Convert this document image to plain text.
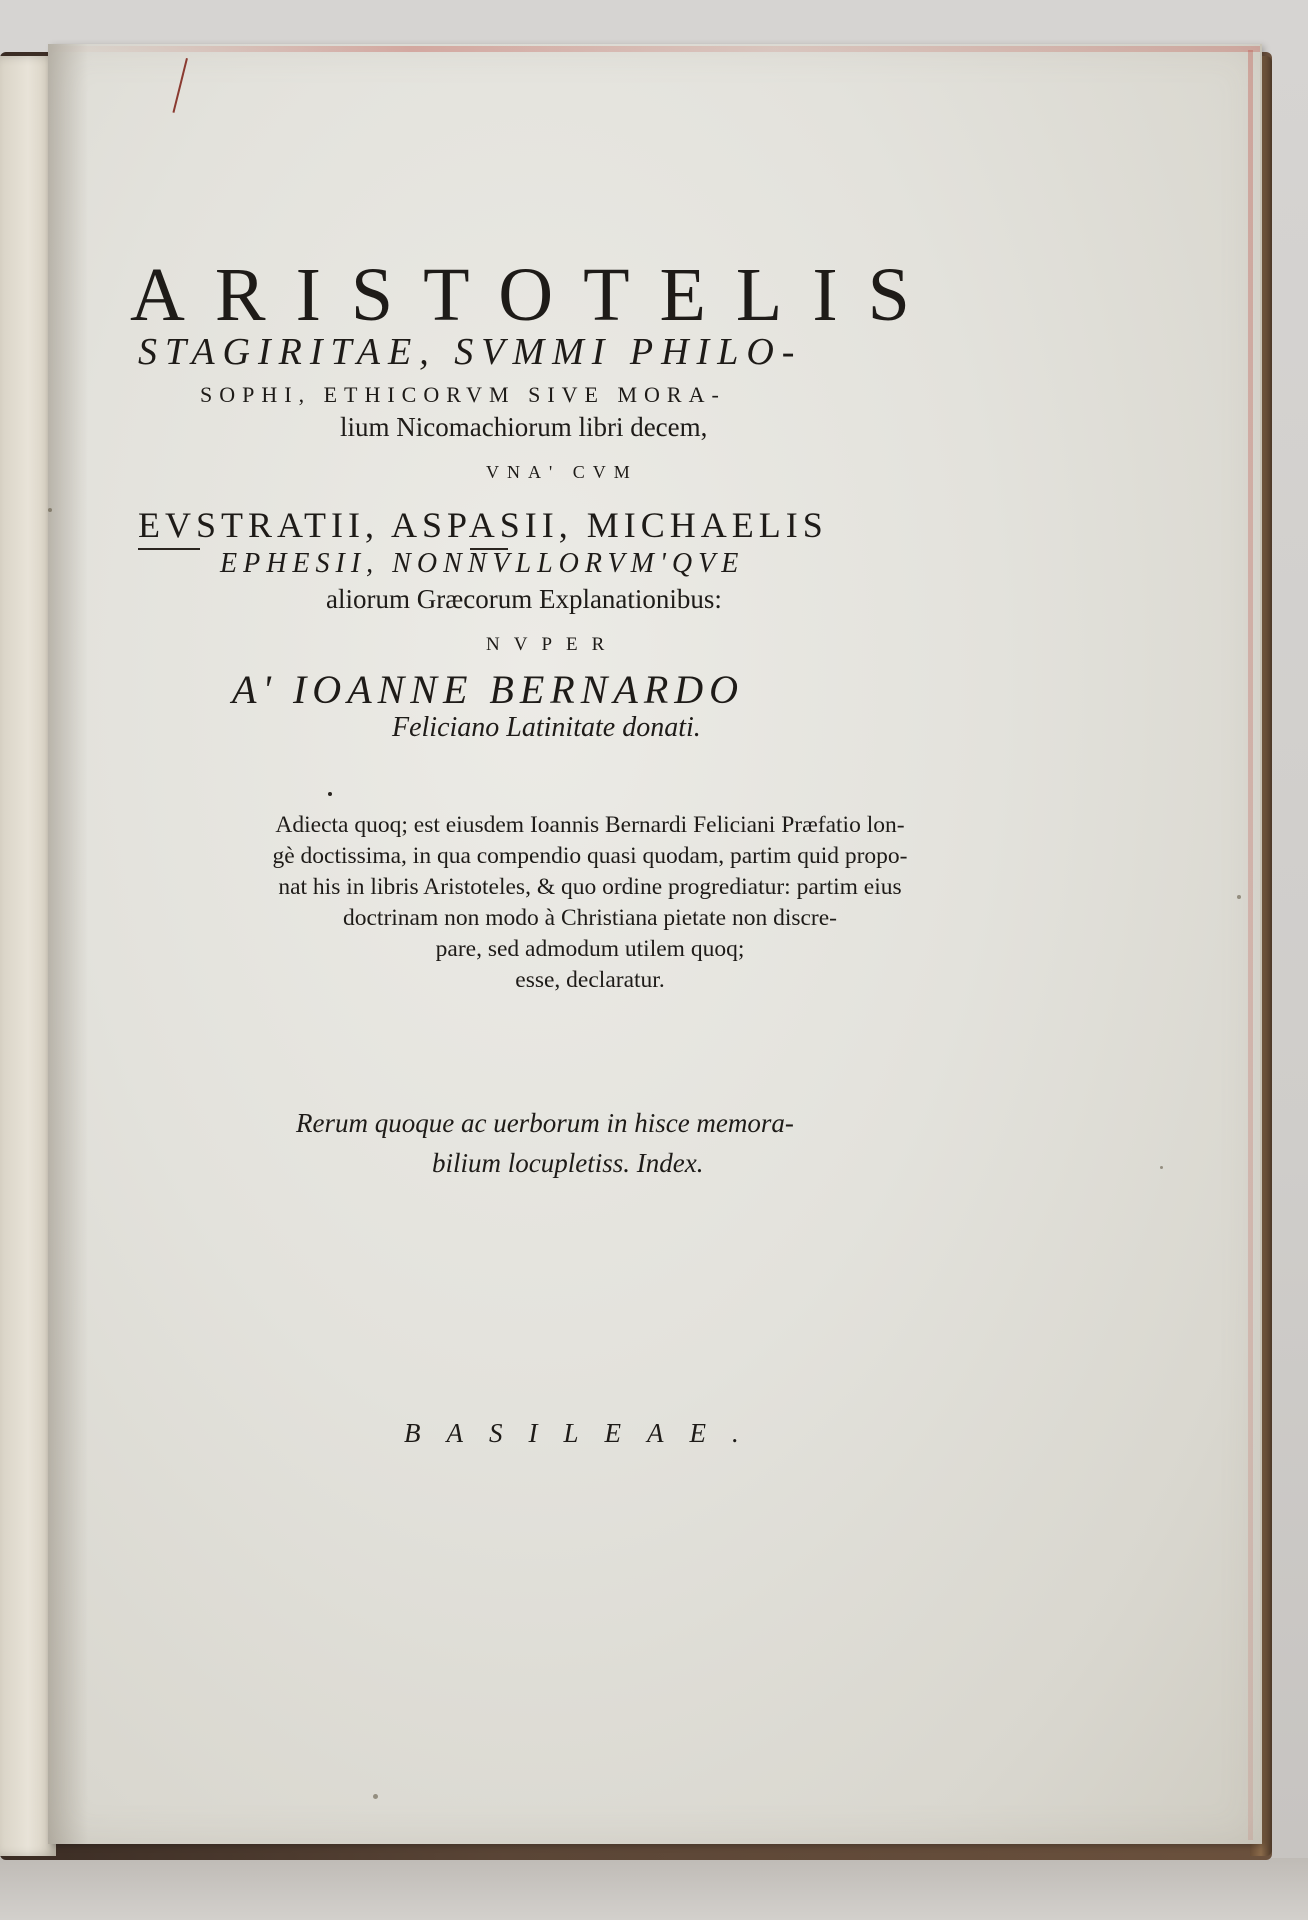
ARISTOTELIS
STAGIRITAE, SVMMI PHILO-
SOPHI, ETHICORVM SIVE MORA-
lium Nicomachiorum libri decem,
VNA' CVM
EVSTRATII, ASPASII, MICHAELIS
EPHESII, NONNVLLORVM'QVE
aliorum Græcorum Explanationibus:
NVPER
A' IOANNE BERNARDO
Feliciano Latinitate donati.
Adiecta quoq; est eiusdem Ioannis Bernardi Feliciani Præfatio lon-
gè doctissima, in qua compendio quasi quodam, partim quid propo-
nat his in libris Aristoteles, & quo ordine progrediatur: partim eius
doctrinam non modo à Christiana pietate non discre-
pare, sed admodum utilem quoq;
esse, declaratur.
Rerum quoque ac uerborum in hisce memora-
bilium locupletiss. Index.
BASILEAE.
